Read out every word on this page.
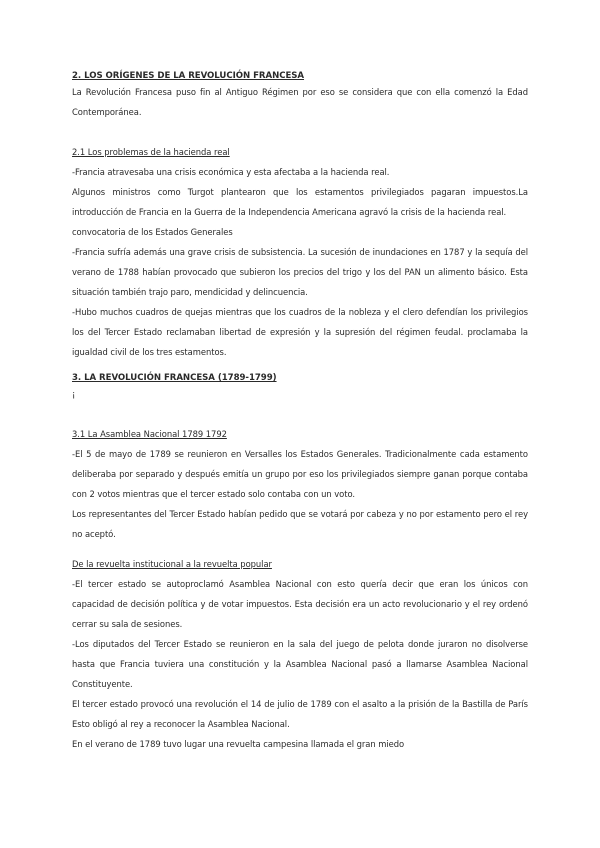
2. LOS ORÍGENES DE LA REVOLUCIÓN FRANCESA

La Revolución Francesa puso fin al Antiguo Régimen por eso se considera que con ella comenzó la Edad Contemporánea.

2.1 Los problemas de la hacienda real

-Francia atravesaba una crisis económica y esta afectaba a la hacienda real.

Algunos ministros como Turgot plantearon que los estamentos privilegiados pagaran impuestos.La introducción de Francia en la Guerra de la Independencia Americana agravó la crisis de la hacienda real.

convocatoria de los Estados Generales

-Francia sufría además una grave crisis de subsistencia. La sucesión de inundaciones en 1787 y la sequía del verano de 1788 habían provocado que subieron los precios del trigo y los del PAN un alimento básico. Esta situación también trajo paro, mendicidad y delincuencia.

-Hubo muchos cuadros de quejas mientras que los cuadros de la nobleza y el clero defendían los privilegios los del Tercer Estado reclamaban libertad de expresión y la supresión del régimen feudal. proclamaba la igualdad civil de los tres estamentos.

3. LA REVOLUCIÓN FRANCESA (1789-1799)

¡

3.1 La Asamblea Nacional 1789 1792

-El 5 de mayo de 1789 se reunieron en Versalles los Estados Generales. Tradicionalmente cada estamento deliberaba por separado y después emitía un grupo por eso los privilegiados siempre ganan porque contaba con 2 votos mientras que el tercer estado solo contaba con un voto.

Los representantes del Tercer Estado habían pedido que se votará por cabeza y no por estamento pero el rey no aceptó.

De la revuelta institucional a la revuelta popular

-El tercer estado se autoproclamó Asamblea Nacional con esto quería decir que eran los únicos con capacidad de decisión política y de votar impuestos. Esta decisión era un acto revolucionario y el rey ordenó cerrar su sala de sesiones.

-Los diputados del Tercer Estado se reunieron en la sala del juego de pelota donde juraron no disolverse hasta que Francia tuviera una constitución y la Asamblea Nacional pasó a llamarse Asamblea Nacional Constituyente.

El tercer estado provocó una revolución el 14 de julio de 1789 con el asalto a la prisión de la Bastilla de París Esto obligó al rey a reconocer la Asamblea Nacional.

En el verano de 1789 tuvo lugar una revuelta campesina llamada el gran miedo
